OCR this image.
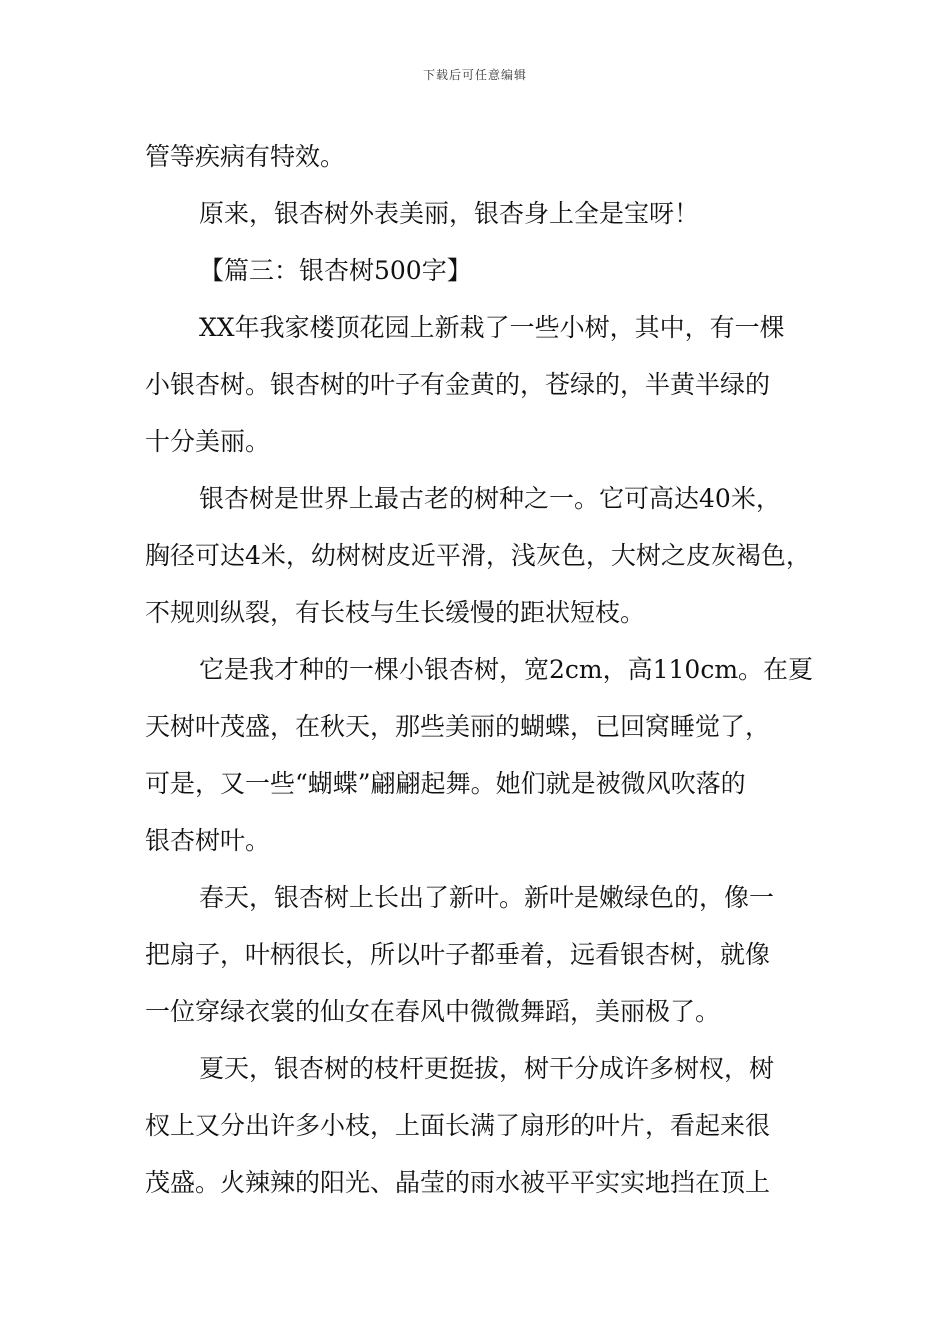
下载后可任意编辑
管等疾病有特效。
原来，银杏树外表美丽，银杏身上全是宝呀！
【篇三：银杏树500字】
XX年我家楼顶花园上新栽了一些小树，其中，有一棵
小银杏树。银杏树的叶子有金黄的，苍绿的，半黄半绿的
十分美丽。
银杏树是世界上最古老的树种之一。它可高达40米，
胸径可达4米，幼树树皮近平滑，浅灰色，大树之皮灰褐色，
不规则纵裂，有长枝与生长缓慢的距状短枝。
它是我才种的一棵小银杏树，宽2cm，高110cm。在夏
天树叶茂盛，在秋天，那些美丽的蝴蝶，已回窝睡觉了，
可是，又一些“蝴蝶”翩翩起舞。她们就是被微风吹落的
银杏树叶。
春天，银杏树上长出了新叶。新叶是嫩绿色的，像一
把扇子，叶柄很长，所以叶子都垂着，远看银杏树，就像
一位穿绿衣裳的仙女在春风中微微舞蹈，美丽极了。
夏天，银杏树的枝杆更挺拔，树干分成许多树杈，树
杈上又分出许多小枝，上面长满了扇形的叶片，看起来很
茂盛。火辣辣的阳光、晶莹的雨水被平平实实地挡在顶上
